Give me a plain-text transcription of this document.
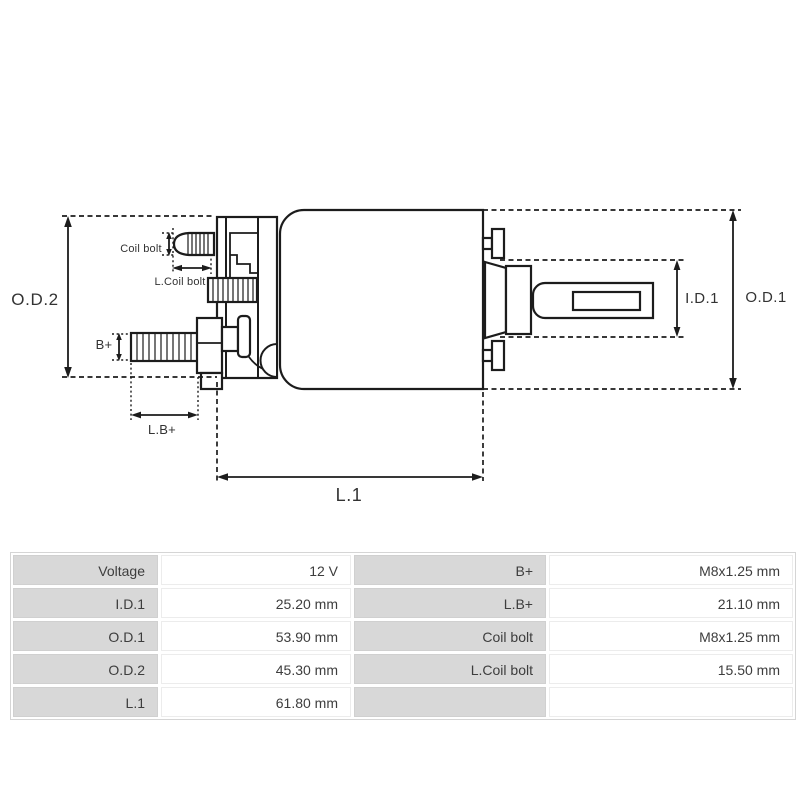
O.D.2	O.D.1
I.D.1
L.1
B+
L.B+
Coil bolt
L.Coil bolt
Voltage	12 V	B+	M8x1.25 mm
I.D.1	25.20 mm	L.B+	21.10 mm
O.D.1	53.90 mm	Coil bolt	M8x1.25 mm
O.D.2	45.30 mm	L.Coil bolt	15.50 mm
L.1	61.80 mm
